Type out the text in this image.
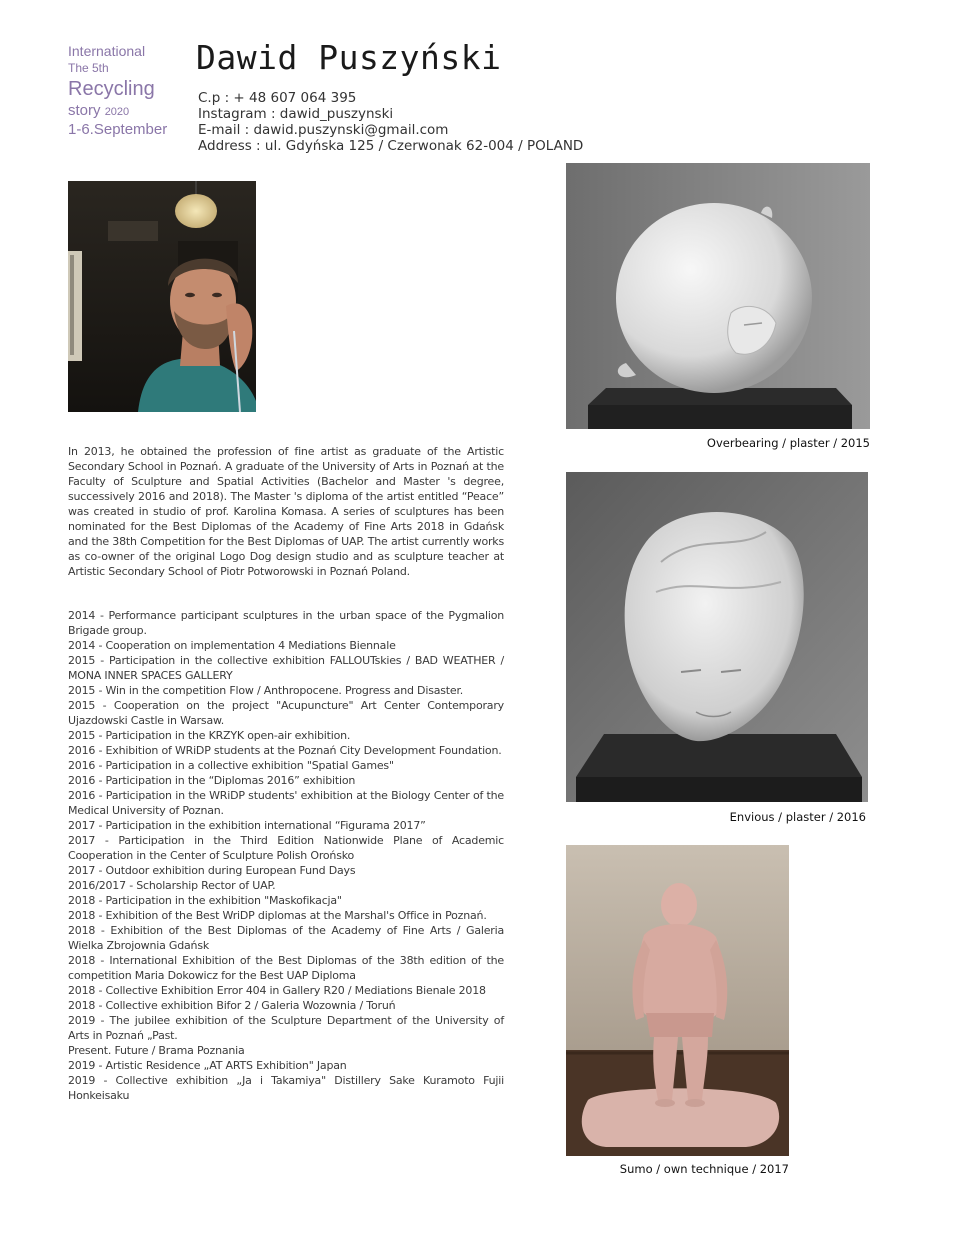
International
The 5th
Recycling
story 2020
1-6.September
Dawid Puszyński
C.p : + 48 607 064 395
Instagram : dawid_puszynski
E-mail : dawid.puszynski@gmail.com
Address : ul. Gdyńska 125 / Czerwonak 62-004 / POLAND
In 2013, he obtained the profession of fine artist as graduate of the Artistic Secondary School in Poznań. A graduate of the University of Arts in Poznań at the Faculty of Sculpture and Spatial Activities (Bachelor and Master 's degree, successively 2016 and 2018). The Master 's diploma of the artist entitled “Peace” was created in studio of prof. Karolina Komasa. A series of sculptures has been nominated for the Best Diplomas of the Academy of Fine Arts 2018 in Gdańsk and the 38th Competition for the Best Diplomas of UAP. The artist currently works as co-owner of the original Logo Dog design studio and as sculpture teacher at Artistic Secondary School of Piotr Potworowski in Poznań Poland.
2014 - Performance participant sculptures in the urban space of the Pygmalion Brigade group.
2014 - Cooperation on implementation 4 Mediations Biennale
2015 - Participation in the collective exhibition FALLOUTskies / BAD WEATHER / MONA INNER SPACES GALLERY
2015 - Win in the competition Flow / Anthropocene. Progress and Disaster.
2015 - Cooperation on the project "Acupuncture" Art Center Contemporary Ujazdowski Castle in Warsaw.
2015 - Participation in the KRZYK open-air exhibition.
2016 - Exhibition of WRiDP students at the Poznań City Development Foundation.
2016 - Participation in a collective exhibition "Spatial Games"
2016 - Participation in the “Diplomas 2016” exhibition
2016 - Participation in the WRiDP students' exhibition at the Biology Center of the Medical University of Poznan.
2017 - Participation in the exhibition international “Figurama 2017”
2017 - Participation in the Third Edition Nationwide Plane of Academic Cooperation in the Center of Sculpture Polish Orońsko
2017 - Outdoor exhibition during European Fund Days
2016/2017 - Scholarship Rector of UAP.
2018 - Participation in the exhibition "Maskofikacja"
2018 - Exhibition of the Best WriDP diplomas at the Marshal's Office in Poznań.
2018 - Exhibition of the Best Diplomas of the Academy of Fine Arts / Galeria Wielka Zbrojownia Gdańsk
2018 - International Exhibition of the Best Diplomas of the 38th edition of the competition Maria Dokowicz for the Best UAP Diploma
2018 - Collective Exhibition Error 404 in Gallery R20 / Mediations Bienale 2018
2018 - Collective exhibition Bifor 2 / Galeria Wozownia / Toruń
2019 - The jubilee exhibition of the Sculpture Department of the University of Arts in Poznań „Past.
Present. Future / Brama Poznania
2019 - Artistic Residence „AT ARTS Exhibition" Japan
2019 - Collective exhibition „Ja i Takamiya" Distillery Sake Kuramoto Fujii Honkeisaku
Overbearing / plaster / 2015
Envious / plaster / 2016
Sumo / own technique / 2017
